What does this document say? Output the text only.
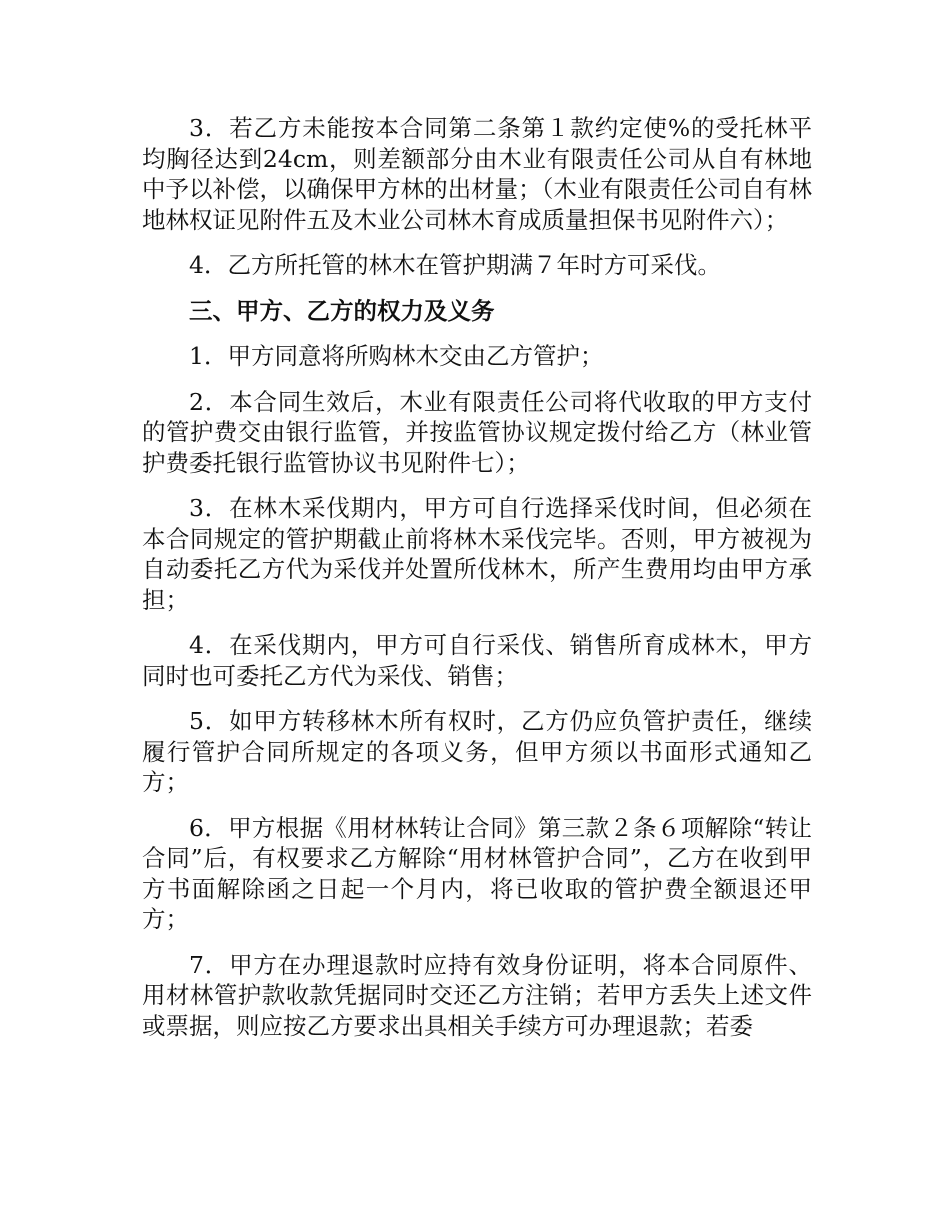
3．若乙方未能按本合同第二条第１款约定使%的受托林平均胸径达到24cm，则差额部分由木业有限责任公司从自有林地中予以补偿，以确保甲方林的出材量；（木业有限责任公司自有林地林权证见附件五及木业公司林木育成质量担保书见附件六）；

4．乙方所托管的林木在管护期满７年时方可采伐。

三、甲方、乙方的权力及义务

1．甲方同意将所购林木交由乙方管护；

2．本合同生效后，木业有限责任公司将代收取的甲方支付的管护费交由银行监管，并按监管协议规定拨付给乙方（林业管护费委托银行监管协议书见附件七）；

3．在林木采伐期内，甲方可自行选择采伐时间，但必须在本合同规定的管护期截止前将林木采伐完毕。否则，甲方被视为自动委托乙方代为采伐并处置所伐林木，所产生费用均由甲方承担；

4．在采伐期内，甲方可自行采伐、销售所育成林木，甲方同时也可委托乙方代为采伐、销售；

5．如甲方转移林木所有权时，乙方仍应负管护责任，继续履行管护合同所规定的各项义务，但甲方须以书面形式通知乙方；

6．甲方根据《用材林转让合同》第三款２条６项解除“转让合同”后，有权要求乙方解除“用材林管护合同”，乙方在收到甲方书面解除函之日起一个月内，将已收取的管护费全额退还甲方；

7．甲方在办理退款时应持有效身份证明，将本合同原件、用材林管护款收款凭据同时交还乙方注销；若甲方丢失上述文件或票据，则应按乙方要求出具相关手续方可办理退款；若委
